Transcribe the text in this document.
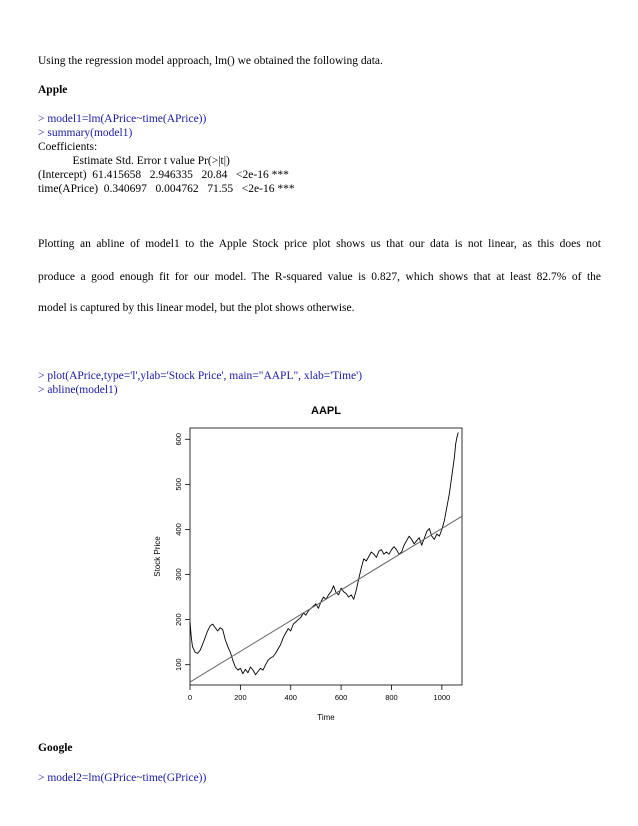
Using the regression model approach, lm() we obtained the following data.
Apple
> model1=lm(APrice~time(APrice))
> summary(model1)
Coefficients:
Estimate Std. Error t value Pr(>|t|)
(Intercept)  61.415658   2.946335   20.84   <2e-16 ***
time(APrice)  0.340697   0.004762   71.55   <2e-16 ***
Plotting an abline of model1 to the Apple Stock price plot shows us that our data is not linear, as this does not
produce a good enough fit for our model. The R-squared value is 0.827, which shows that at least 82.7% of the
model is captured by this linear model, but the plot shows otherwise.
> plot(APrice,type='l',ylab='Stock Price', main="AAPL", xlab='Time')
> abline(model1)
AAPL
0	200	400	600	800	1000
100
200
300
400
500
600
Time
Stock Price
Google
> model2=lm(GPrice~time(GPrice))
